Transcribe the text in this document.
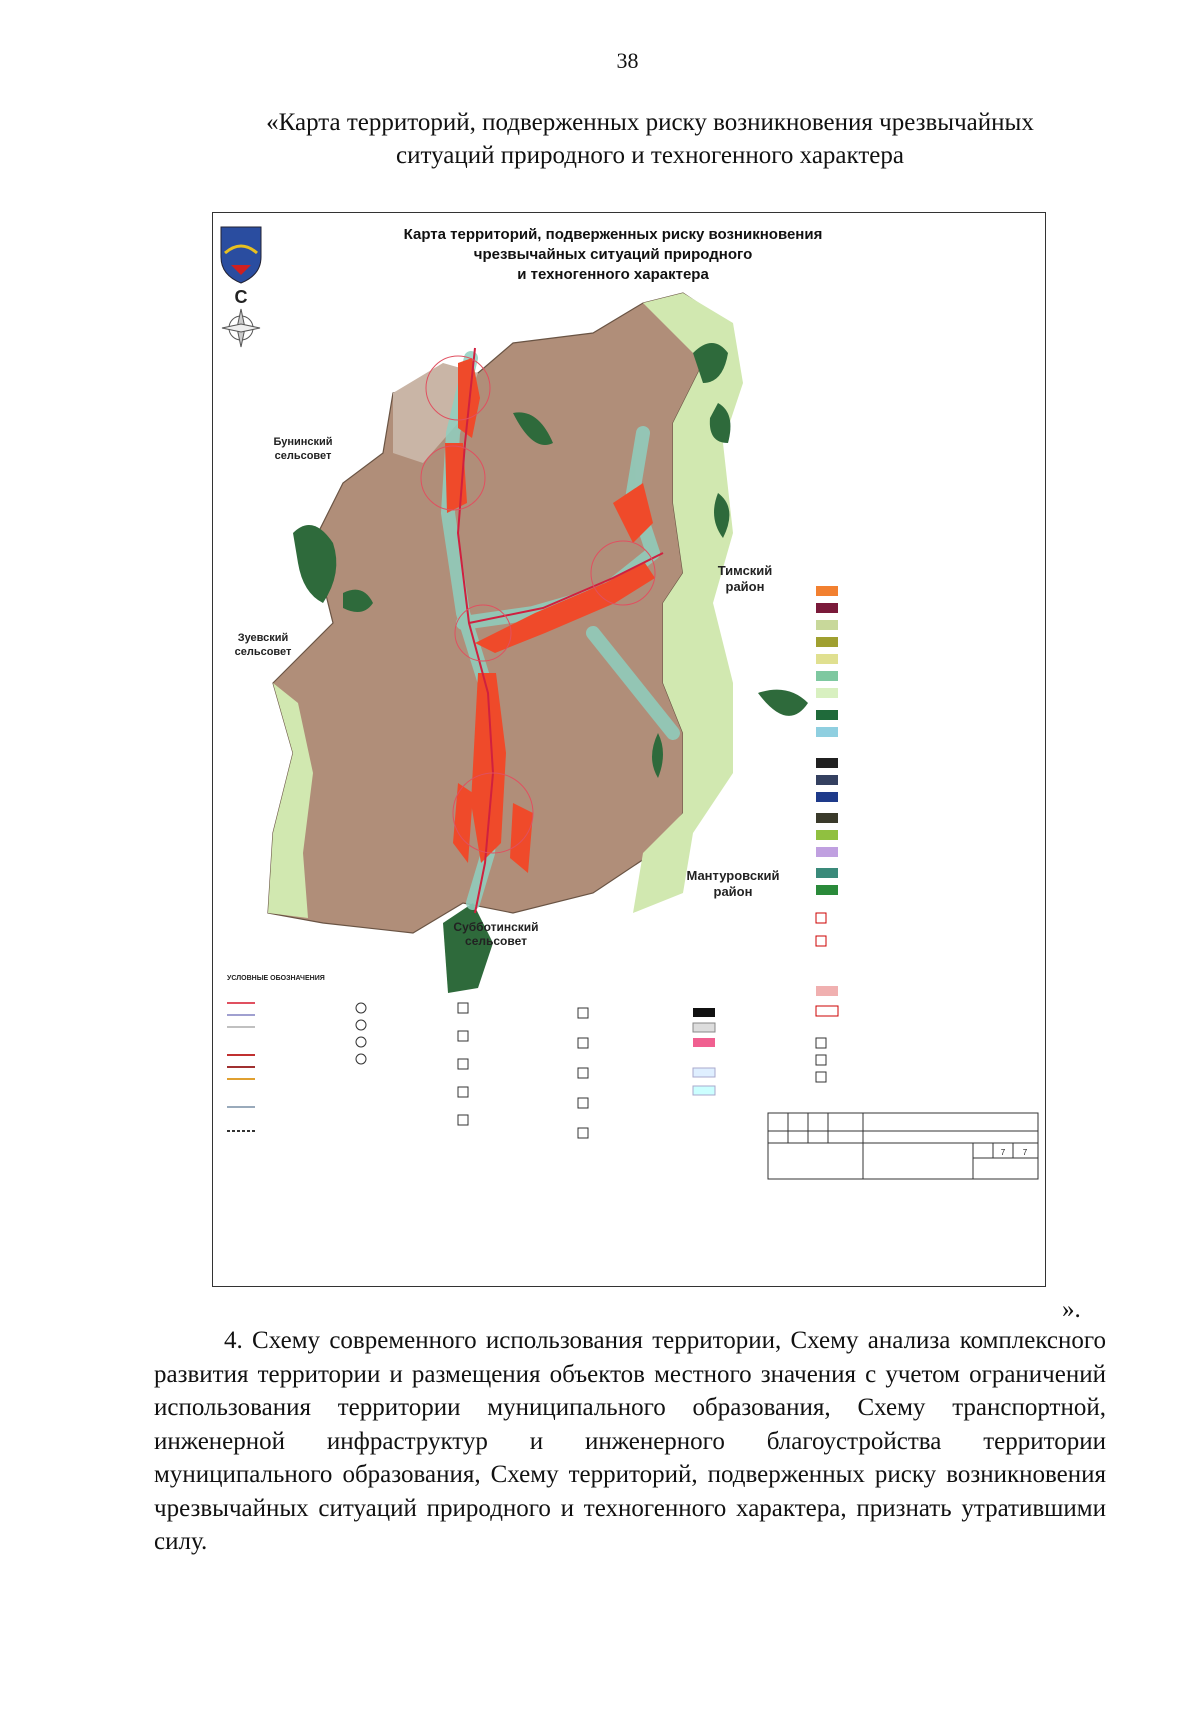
38
«Карта территорий, подверженных риску возникновения чрезвычайных
ситуаций природного и техногенного характера
С
Карта территорий, подверженных риску возникновения
чрезвычайных ситуаций природного
и техногенного характера
Бунинский
сельсовет
Зуевский
сельсовет
Тимский
район
Мантуровский
район
Субботинский
сельсовет
УСЛОВНЫЕ ОБОЗНАЧЕНИЯ
7 7
».
4. Схему современного использования территории, Схему анализа комплексного развития территории и размещения объектов местного значения с учетом ограничений использования территории муниципального образования, Схему транспортной, инженерной инфраструктур и инженерного благоустройства территории муниципального образования, Схему территорий, подверженных риску возникновения чрезвычайных ситуаций природного и техногенного характера, признать утратившими силу.
